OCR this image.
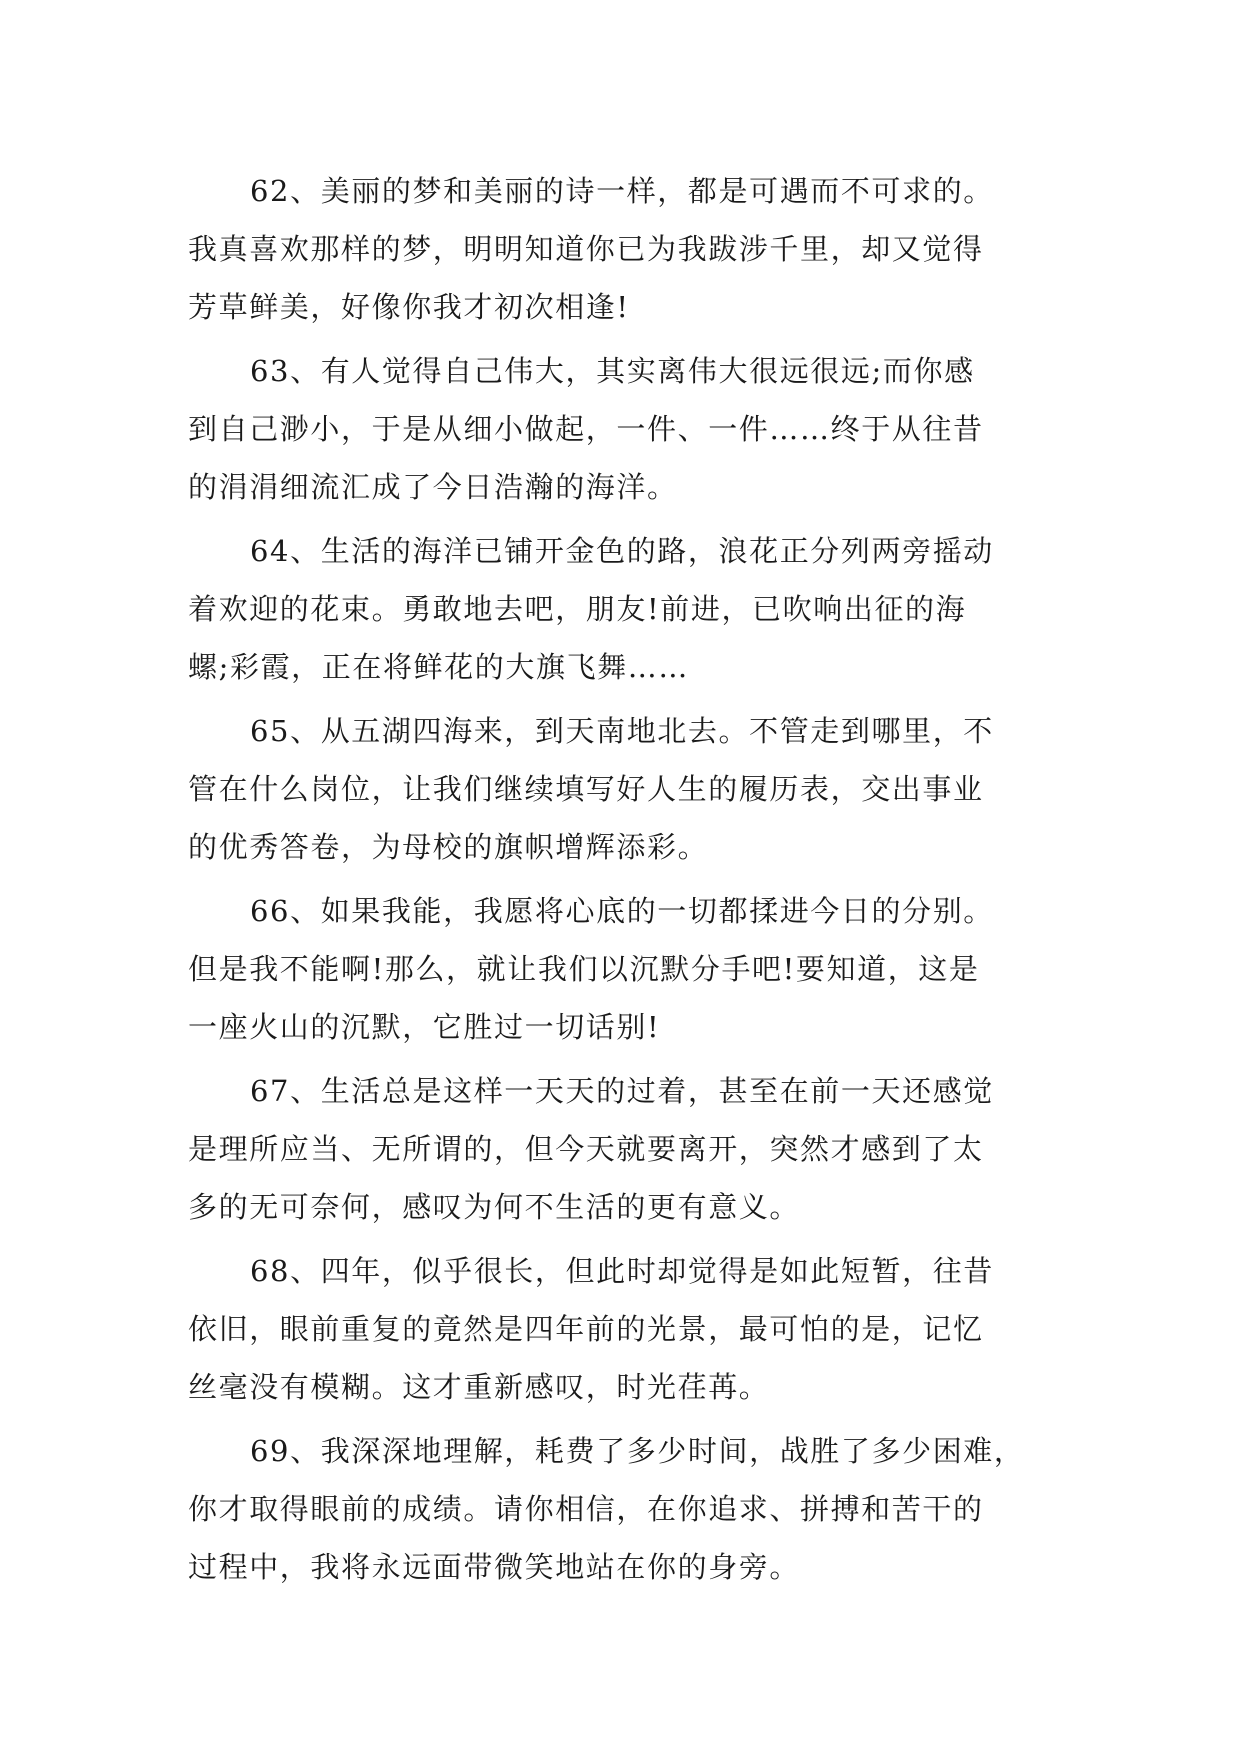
62、美丽的梦和美丽的诗一样，都是可遇而不可求的。
我真喜欢那样的梦，明明知道你已为我跋涉千里，却又觉得
芳草鲜美，好像你我才初次相逢!

63、有人觉得自己伟大，其实离伟大很远很远;而你感
到自己渺小，于是从细小做起，一件、一件……终于从往昔
的涓涓细流汇成了今日浩瀚的海洋。

64、生活的海洋已铺开金色的路，浪花正分列两旁摇动
着欢迎的花束。勇敢地去吧，朋友!前进，已吹响出征的海
螺;彩霞，正在将鲜花的大旗飞舞……

65、从五湖四海来，到天南地北去。不管走到哪里，不
管在什么岗位，让我们继续填写好人生的履历表，交出事业
的优秀答卷，为母校的旗帜增辉添彩。

66、如果我能，我愿将心底的一切都揉进今日的分别。
但是我不能啊!那么，就让我们以沉默分手吧!要知道，这是
一座火山的沉默，它胜过一切话别!

67、生活总是这样一天天的过着，甚至在前一天还感觉
是理所应当、无所谓的，但今天就要离开，突然才感到了太
多的无可奈何，感叹为何不生活的更有意义。

68、四年，似乎很长，但此时却觉得是如此短暂，往昔
依旧，眼前重复的竟然是四年前的光景，最可怕的是，记忆
丝毫没有模糊。这才重新感叹，时光荏苒。

69、我深深地理解，耗费了多少时间，战胜了多少困难，
你才取得眼前的成绩。请你相信，在你追求、拼搏和苦干的
过程中，我将永远面带微笑地站在你的身旁。
